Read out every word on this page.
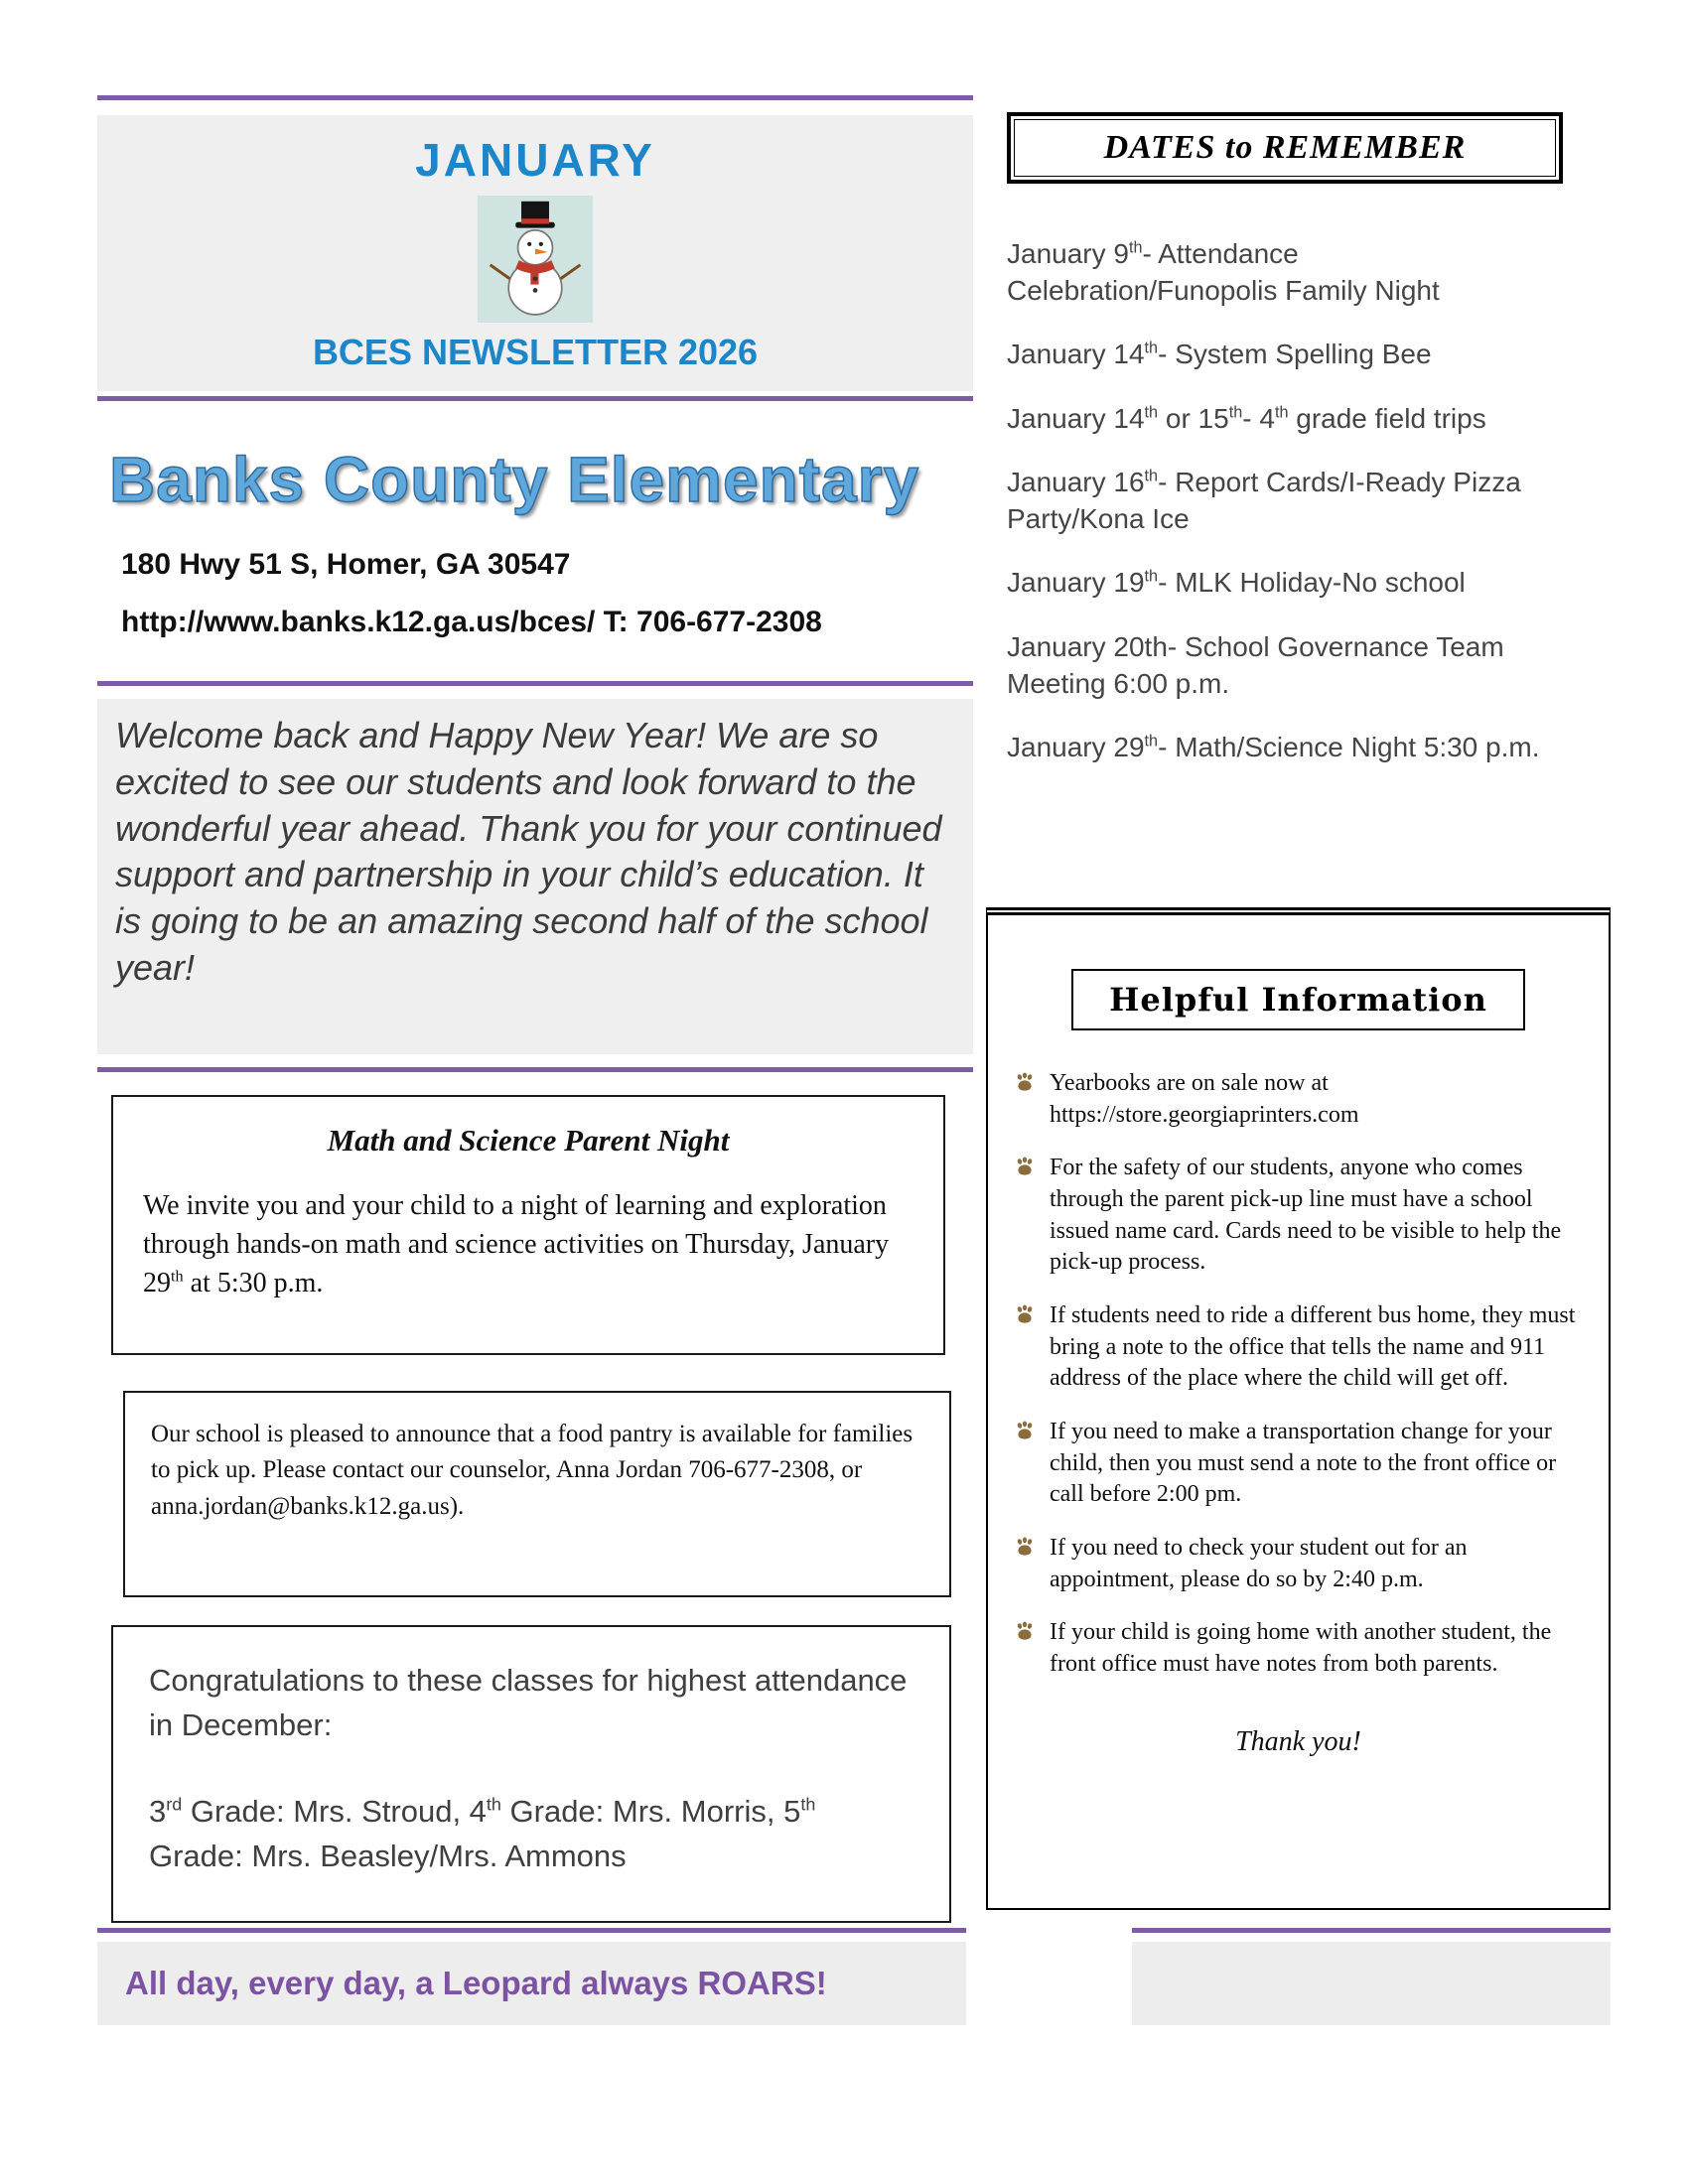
JANUARY
BCES NEWSLETTER 2026
Banks County Elementary

180 Hwy 51 S, Homer, GA 30547

http://www.banks.k12.ga.us/bces/ T: 706-677-2308

Welcome back and Happy New Year! We are so excited to see our students and look forward to the wonderful year ahead. Thank you for your continued support and partnership in your child’s education. It is going to be an amazing second half of the school year!
Math and Science Parent Night

We invite you and your child to a night of learning and exploration through hands-on math and science activities on Thursday, January 29th at 5:30 p.m.

Our school is pleased to announce that a food pantry is available for families to pick up. Please contact our counselor, Anna Jordan 706-677-2308, or anna.jordan@banks.k12.ga.us).

Congratulations to these classes for highest attendance in December:

3rd Grade: Mrs. Stroud, 4th Grade: Mrs. Morris, 5th Grade: Mrs. Beasley/Mrs. Ammons

All day, every day, a Leopard always ROARS!
DATES to REMEMBER
January 9th- Attendance Celebration/Funopolis Family Night
January 14th- System Spelling Bee
January 14th or 15th- 4th grade field trips
January 16th- Report Cards/I-Ready Pizza Party/Kona Ice
January 19th- MLK Holiday-No school
January 20th- School Governance Team Meeting 6:00 p.m.
January 29th- Math/Science Night 5:30 p.m.
Helpful Information
Yearbooks are on sale now at https://store.georgiaprinters.com
For the safety of our students, anyone who comes through the parent pick-up line must have a school issued name card. Cards need to be visible to help the pick-up process.
If students need to ride a different bus home, they must bring a note to the office that tells the name and 911 address of the place where the child will get off.
If you need to make a transportation change for your child, then you must send a note to the front office or call before 2:00 pm.
If you need to check your student out for an appointment, please do so by 2:40 p.m.
If your child is going home with another student, the front office must have notes from both parents.

Thank you!
